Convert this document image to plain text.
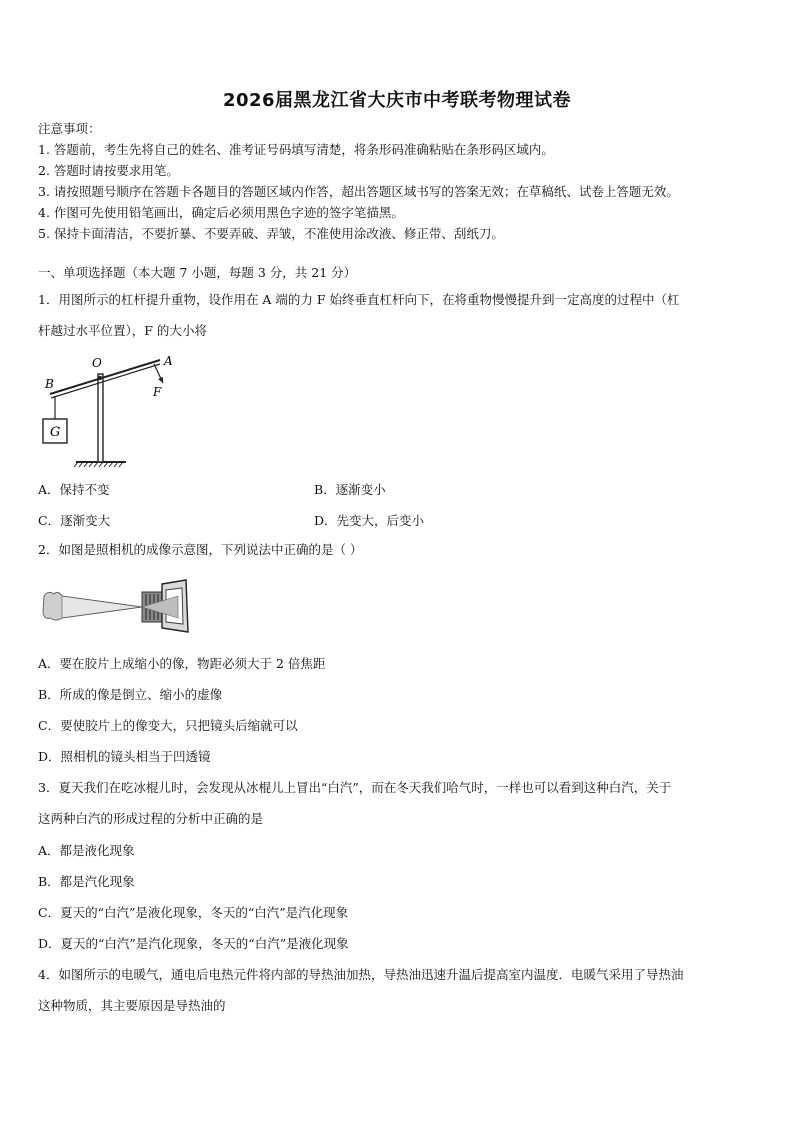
2026届黑龙江省大庆市中考联考物理试卷
注意事项：
1. 答题前，考生先将自己的姓名、准考证号码填写清楚，将条形码准确粘贴在条形码区域内。
2. 答题时请按要求用笔。
3. 请按照题号顺序在答题卡各题目的答题区域内作答，超出答题区域书写的答案无效；在草稿纸、试卷上答题无效。
4. 作图可先使用铅笔画出，确定后必须用黑色字迹的签字笔描黑。
5. 保持卡面清洁，不要折暴、不要弄破、弄皱，不准使用涂改液、修正带、刮纸刀。
一、单项选择题（本大题 7 小题，每题 3 分，共 21 分）
1．用图所示的杠杆提升重物，设作用在 A 端的力 F 始终垂直杠杆向下，在将重物慢慢提升到一定高度的过程中（杠
杆越过水平位置），F 的大小将
O	A
B
F
G
A．保持不变	B．逐渐变小
C．逐渐变大	D．先变大，后变小
2．如图是照相机的成像示意图，下列说法中正确的是（ ）
A．要在胶片上成缩小的像，物距必须大于 2 倍焦距
B．所成的像是倒立、缩小的虚像
C．要使胶片上的像变大，只把镜头后缩就可以
D．照相机的镜头相当于凹透镜
3．夏天我们在吃冰棍儿时，会发现从冰棍儿上冒出“白汽”，而在冬天我们哈气时，一样也可以看到这种白汽，关于
这两种白汽的形成过程的分析中正确的是
A．都是液化现象
B．都是汽化现象
C．夏天的“白汽”是液化现象，冬天的“白汽”是汽化现象
D．夏天的“白汽”是汽化现象，冬天的“白汽”是液化现象
4．如图所示的电暖气，通电后电热元件将内部的导热油加热，导热油迅速升温后提高室内温度．电暖气采用了导热油
这种物质，其主要原因是导热油的
